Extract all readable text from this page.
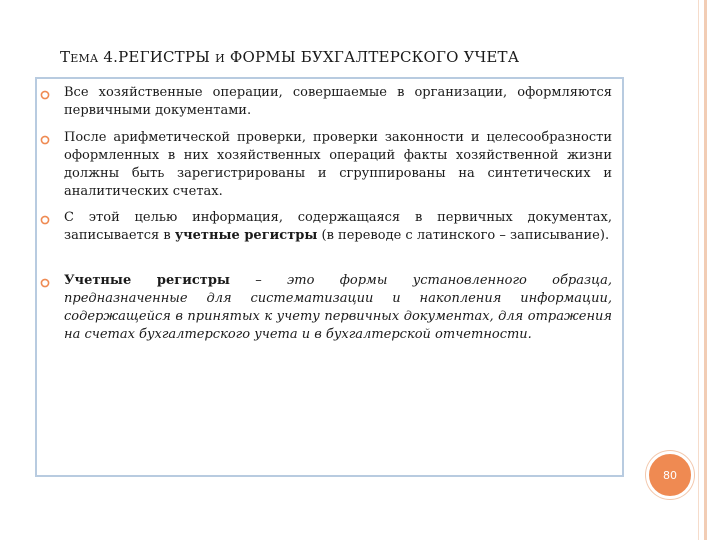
ТЕМА 4.РЕГИСТРЫ И ФОРМЫ БУХГАЛТЕРСКОГО УЧЕТА
Все хозяйственные операции, совершаемые в организации, оформляются первичными документами.
После арифметической проверки, проверки законности и целесообразности оформленных в них хозяйственных операций факты хозяйственной жизни должны быть зарегистрированы и сгруппированы на синтетических и аналитических счетах.
С этой целью информация, содержащаяся в первичных документах, записывается в учетные регистры (в переводе с латинского – записывание).
Учетные регистры – это формы установленного образца, предназначенные для систематизации и накопления информации, содержащейся в принятых к учету первичных документах, для отражения на счетах бухгалтерского учета и в бухгалтерской отчетности.
80
